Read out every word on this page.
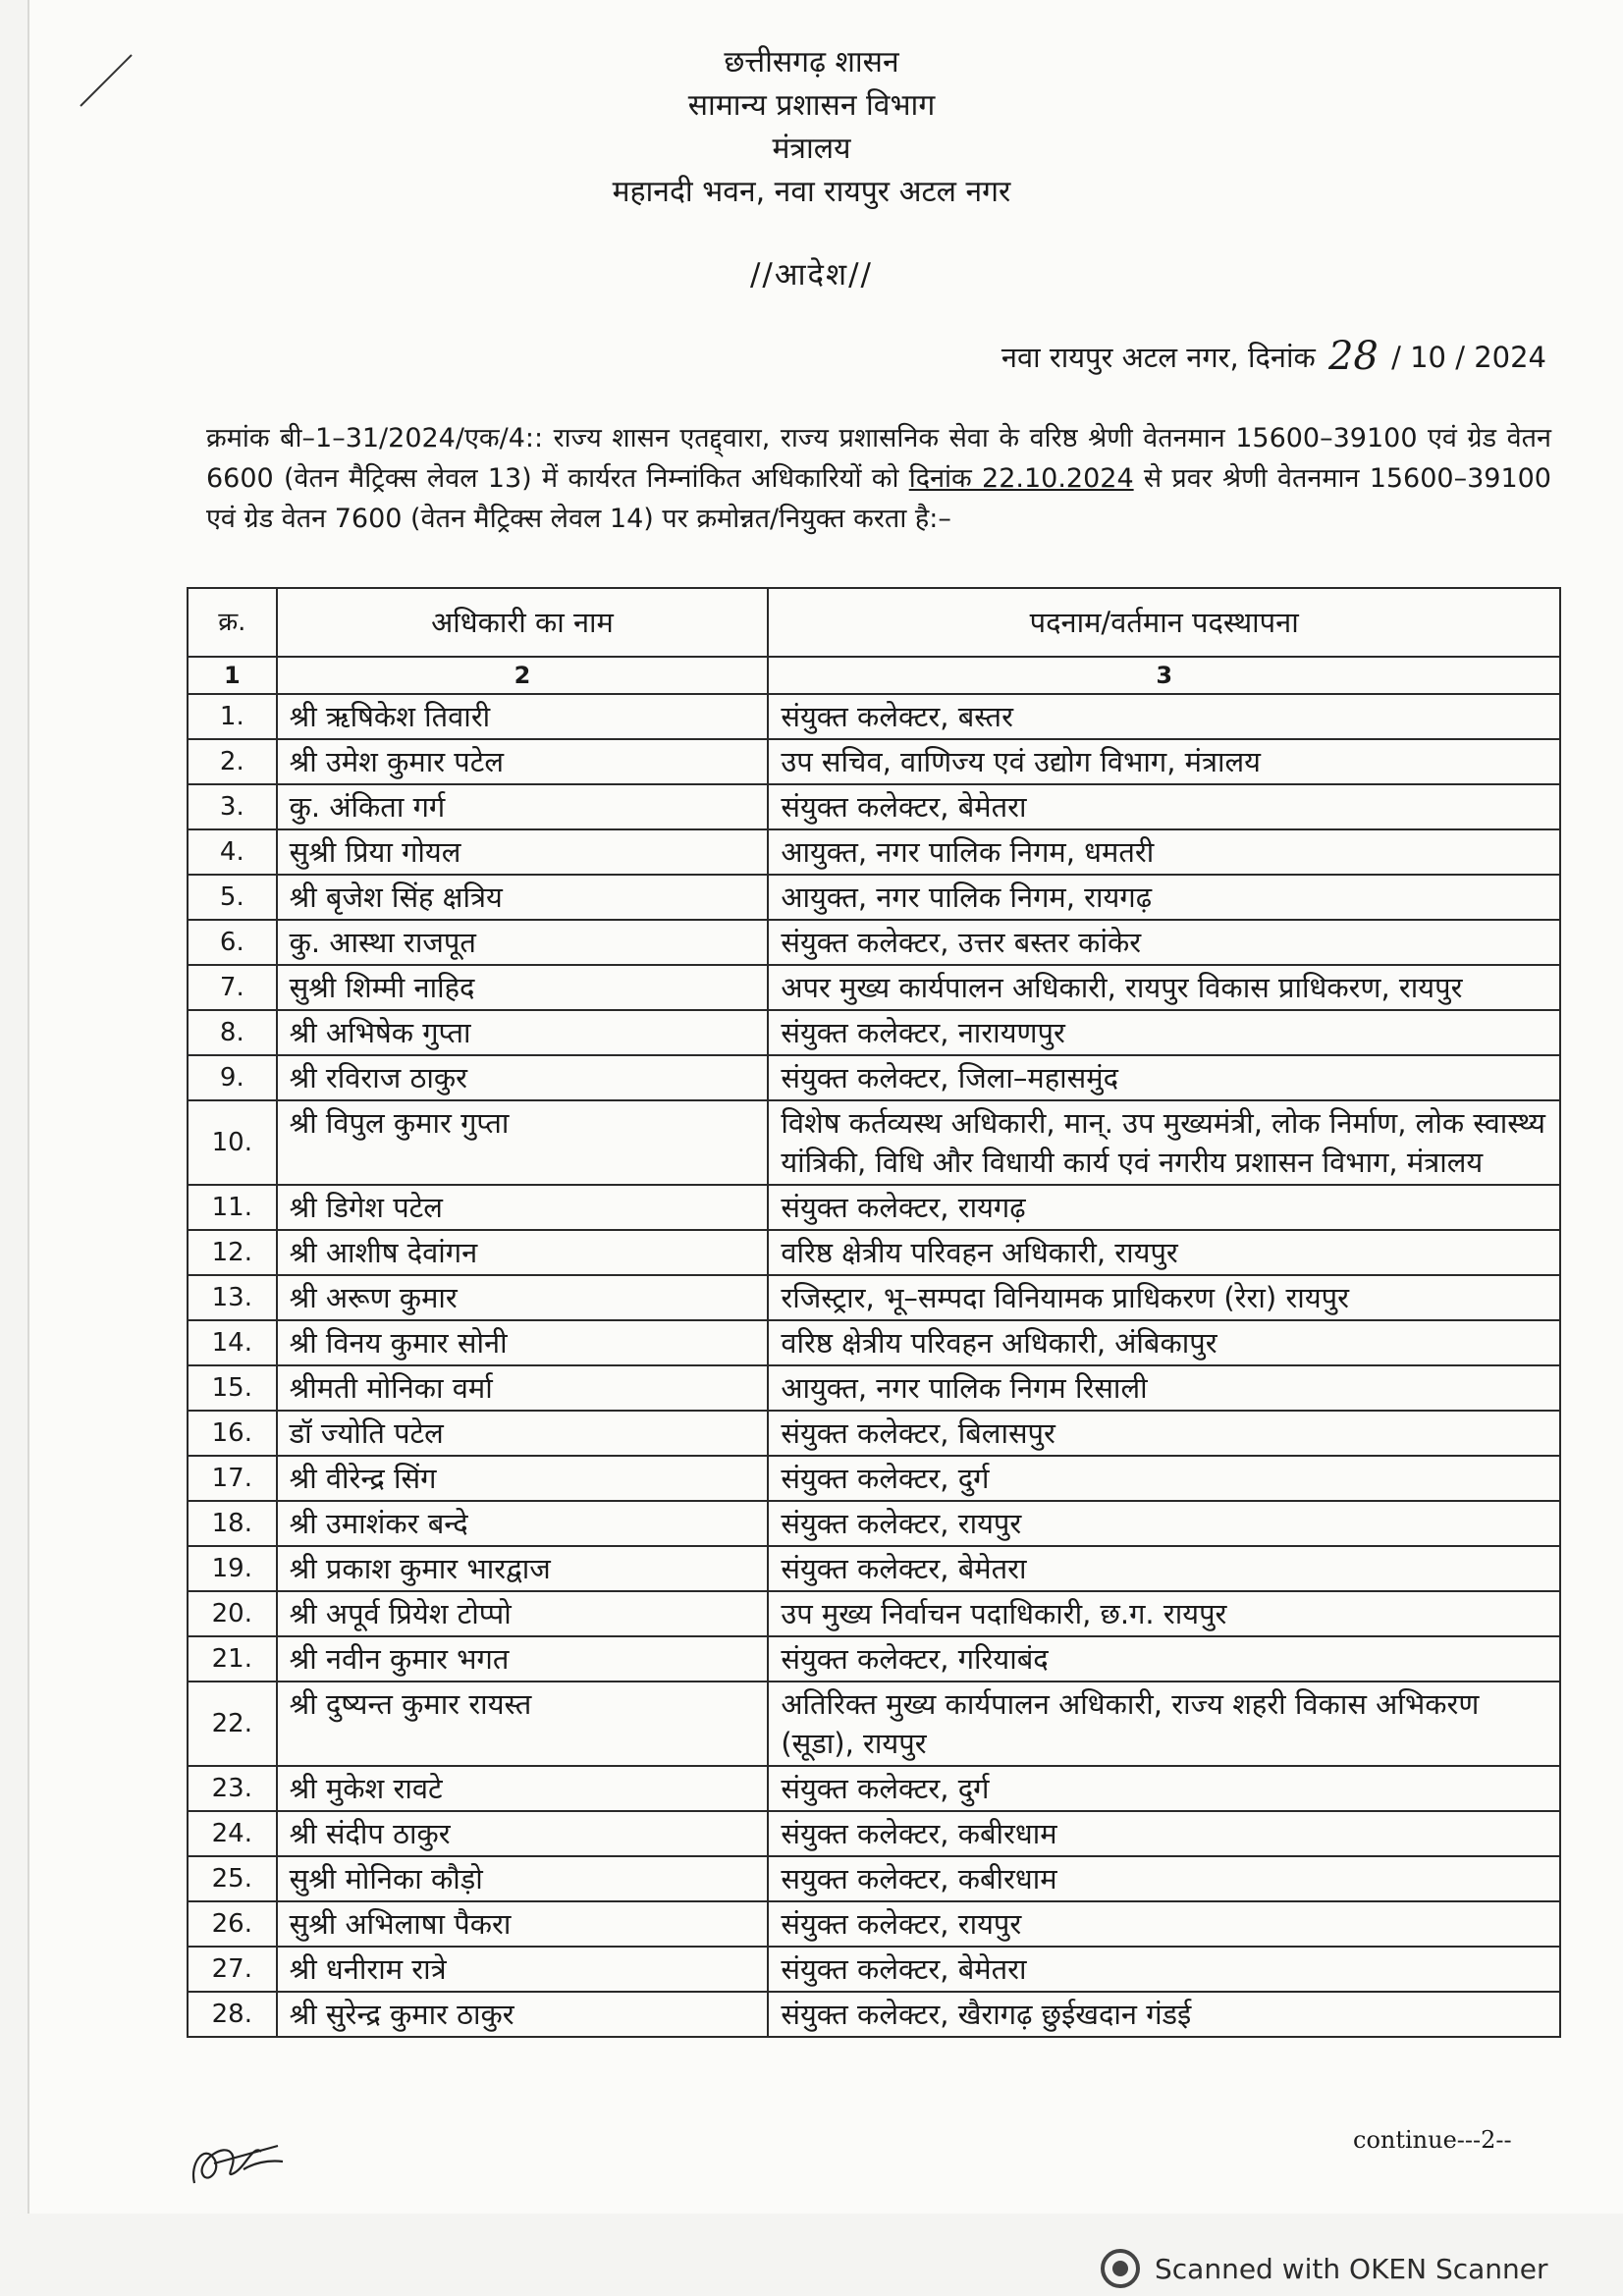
छत्तीसगढ़ शासन
सामान्य प्रशासन विभाग
मंत्रालय
महानदी भवन, नवा रायपुर अटल नगर
//आदेश//
नवा रायपुर अटल नगर, दिनांक 28 / 10 / 2024
क्रमांक बी–1–31/2024/एक/4:: राज्य शासन एतद्द्वारा, राज्य प्रशासनिक सेवा के वरिष्ठ श्रेणी वेतनमान 15600–39100 एवं ग्रेड वेतन 6600 (वेतन मैट्रिक्स लेवल 13) में कार्यरत निम्नांकित अधिकारियों को दिनांक 22.10.2024 से प्रवर श्रेणी वेतनमान 15600–39100 एवं ग्रेड वेतन 7600 (वेतन मैट्रिक्स लेवल 14) पर क्रमोन्नत/नियुक्त करता है:–
क्र.	अधिकारी का नाम	पदनाम/वर्तमान पदस्थापना
1	2	3
1.	श्री ऋषिकेश तिवारी	संयुक्त कलेक्टर, बस्तर
2.	श्री उमेश कुमार पटेल	उप सचिव, वाणिज्य एवं उद्योग विभाग, मंत्रालय
3.	कु. अंकिता गर्ग	संयुक्त कलेक्टर, बेमेतरा
4.	सुश्री प्रिया गोयल	आयुक्त, नगर पालिक निगम, धमतरी
5.	श्री बृजेश सिंह क्षत्रिय	आयुक्त, नगर पालिक निगम, रायगढ़
6.	कु. आस्था राजपूत	संयुक्त कलेक्टर, उत्तर बस्तर कांकेर
7.	सुश्री शिम्मी नाहिद	अपर मुख्य कार्यपालन अधिकारी, रायपुर विकास प्राधिकरण, रायपुर
8.	श्री अभिषेक गुप्ता	संयुक्त कलेक्टर, नारायणपुर
9.	श्री रविराज ठाकुर	संयुक्त कलेक्टर, जिला–महासमुंद
10.	श्री विपुल कुमार गुप्ता	विशेष कर्तव्यस्थ अधिकारी, मान्. उप मुख्यमंत्री, लोक निर्माण, लोक स्वास्थ्य यांत्रिकी, विधि और विधायी कार्य एवं नगरीय प्रशासन विभाग, मंत्रालय
11.	श्री डिगेश पटेल	संयुक्त कलेक्टर, रायगढ़
12.	श्री आशीष देवांगन	वरिष्ठ क्षेत्रीय परिवहन अधिकारी, रायपुर
13.	श्री अरूण कुमार	रजिस्ट्रार, भू–सम्पदा विनियामक प्राधिकरण (रेरा) रायपुर
14.	श्री विनय कुमार सोनी	वरिष्ठ क्षेत्रीय परिवहन अधिकारी, अंबिकापुर
15.	श्रीमती मोनिका वर्मा	आयुक्त, नगर पालिक निगम रिसाली
16.	डॉ ज्योति पटेल	संयुक्त कलेक्टर, बिलासपुर
17.	श्री वीरेन्द्र सिंग	संयुक्त कलेक्टर, दुर्ग
18.	श्री उमाशंकर बन्दे	संयुक्त कलेक्टर, रायपुर
19.	श्री प्रकाश कुमार भारद्वाज	संयुक्त कलेक्टर, बेमेतरा
20.	श्री अपूर्व प्रियेश टोप्पो	उप मुख्य निर्वाचन पदाधिकारी, छ.ग. रायपुर
21.	श्री नवीन कुमार भगत	संयुक्त कलेक्टर, गरियाबंद
22.	श्री दुष्यन्त कुमार रायस्त	अतिरिक्त मुख्य कार्यपालन अधिकारी, राज्य शहरी विकास अभिकरण (सूडा), रायपुर
23.	श्री मुकेश रावटे	संयुक्त कलेक्टर, दुर्ग
24.	श्री संदीप ठाकुर	संयुक्त कलेक्टर, कबीरधाम
25.	सुश्री मोनिका कौड़ो	सयुक्त कलेक्टर, कबीरधाम
26.	सुश्री अभिलाषा पैकरा	संयुक्त कलेक्टर, रायपुर
27.	श्री धनीराम रात्रे	संयुक्त कलेक्टर, बेमेतरा
28.	श्री सुरेन्द्र कुमार ठाकुर	संयुक्त कलेक्टर, खैरागढ़ छुईखदान गंडई
continue---2--
Scanned with OKEN Scanner
